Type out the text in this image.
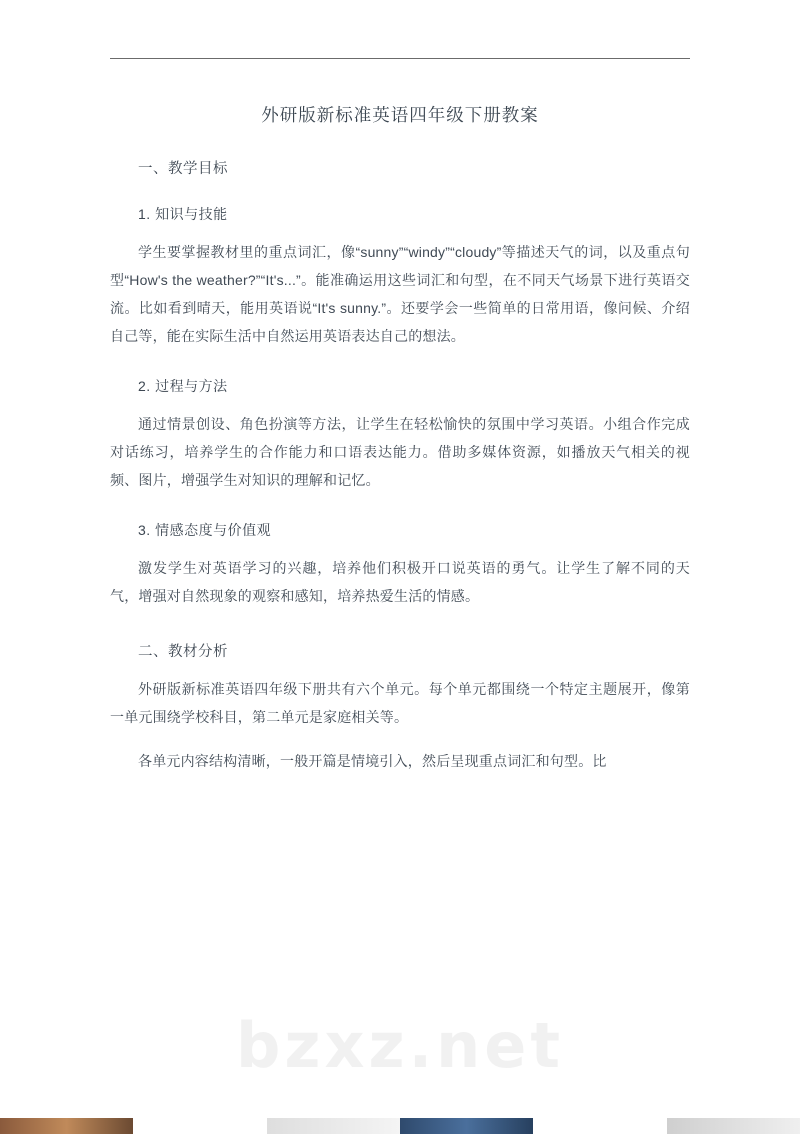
外研版新标准英语四年级下册教案
一、教学目标
1. 知识与技能

学生要掌握教材里的重点词汇，像“sunny”“windy”“cloudy”等描述天气的词，以及重点句型“How's the weather?”“It's...”。能准确运用这些词汇和句型，在不同天气场景下进行英语交流。比如看到晴天，能用英语说“It's sunny.”。还要学会一些简单的日常用语，像问候、介绍自己等，能在实际生活中自然运用英语表达自己的想法。

2. 过程与方法

通过情景创设、角色扮演等方法，让学生在轻松愉快的氛围中学习英语。小组合作完成对话练习，培养学生的合作能力和口语表达能力。借助多媒体资源，如播放天气相关的视频、图片，增强学生对知识的理解和记忆。

3. 情感态度与价值观

激发学生对英语学习的兴趣，培养他们积极开口说英语的勇气。让学生了解不同的天气，增强对自然现象的观察和感知，培养热爱生活的情感。

二、教材分析

外研版新标准英语四年级下册共有六个单元。每个单元都围绕一个特定主题展开，像第一单元围绕学校科目，第二单元是家庭相关等。

各单元内容结构清晰，一般开篇是情境引入，然后呈现重点词汇和句型。比

bzxz.net
